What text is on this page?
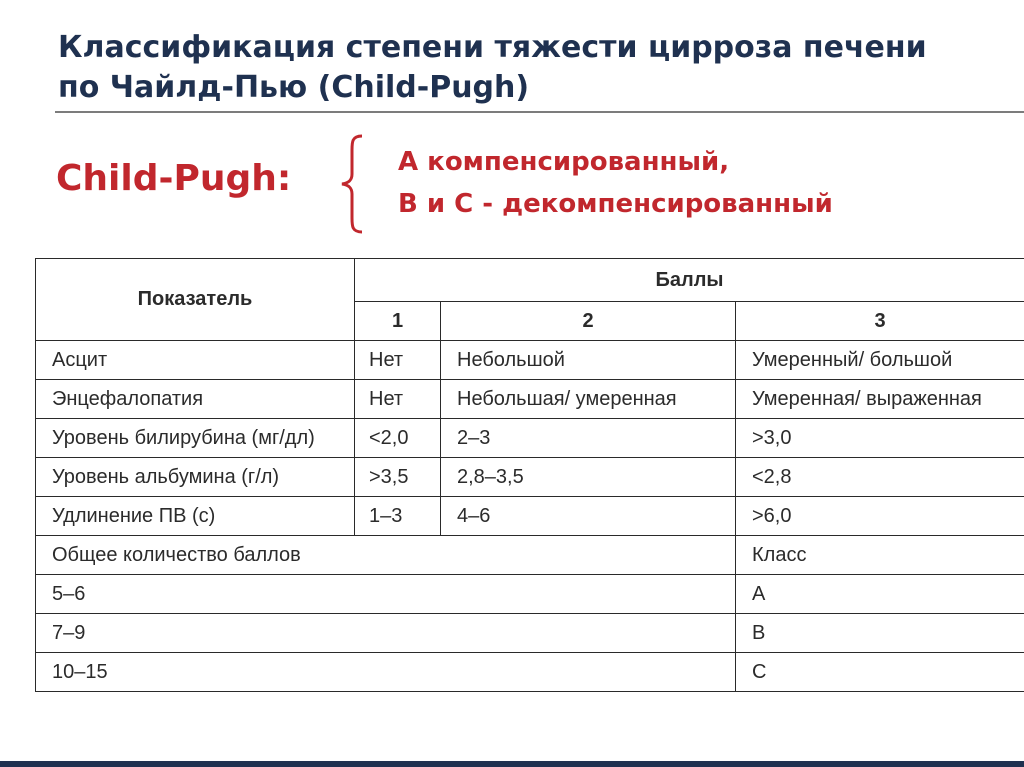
Классификация степени тяжести цирроза печени
по Чайлд-Пью (Child-Pugh)
Child-Pugh:	А компенсированный,
В и С - декомпенсированный
Показатель	Баллы		
	1	2	3
Асцит	Нет	Небольшой	Умеренный/ большой
Энцефалопатия	Нет	Небольшая/ умеренная	Умеренная/ выраженная
Уровень билирубина (мг/дл)	<2,0	2–3	>3,0
Уровень альбумина (г/л)	>3,5	2,8–3,5	<2,8
Удлинение ПВ (с)	1–3	4–6	>6,0
Общее количество баллов			Класс
5–6			А
7–9			В
10–15			С
